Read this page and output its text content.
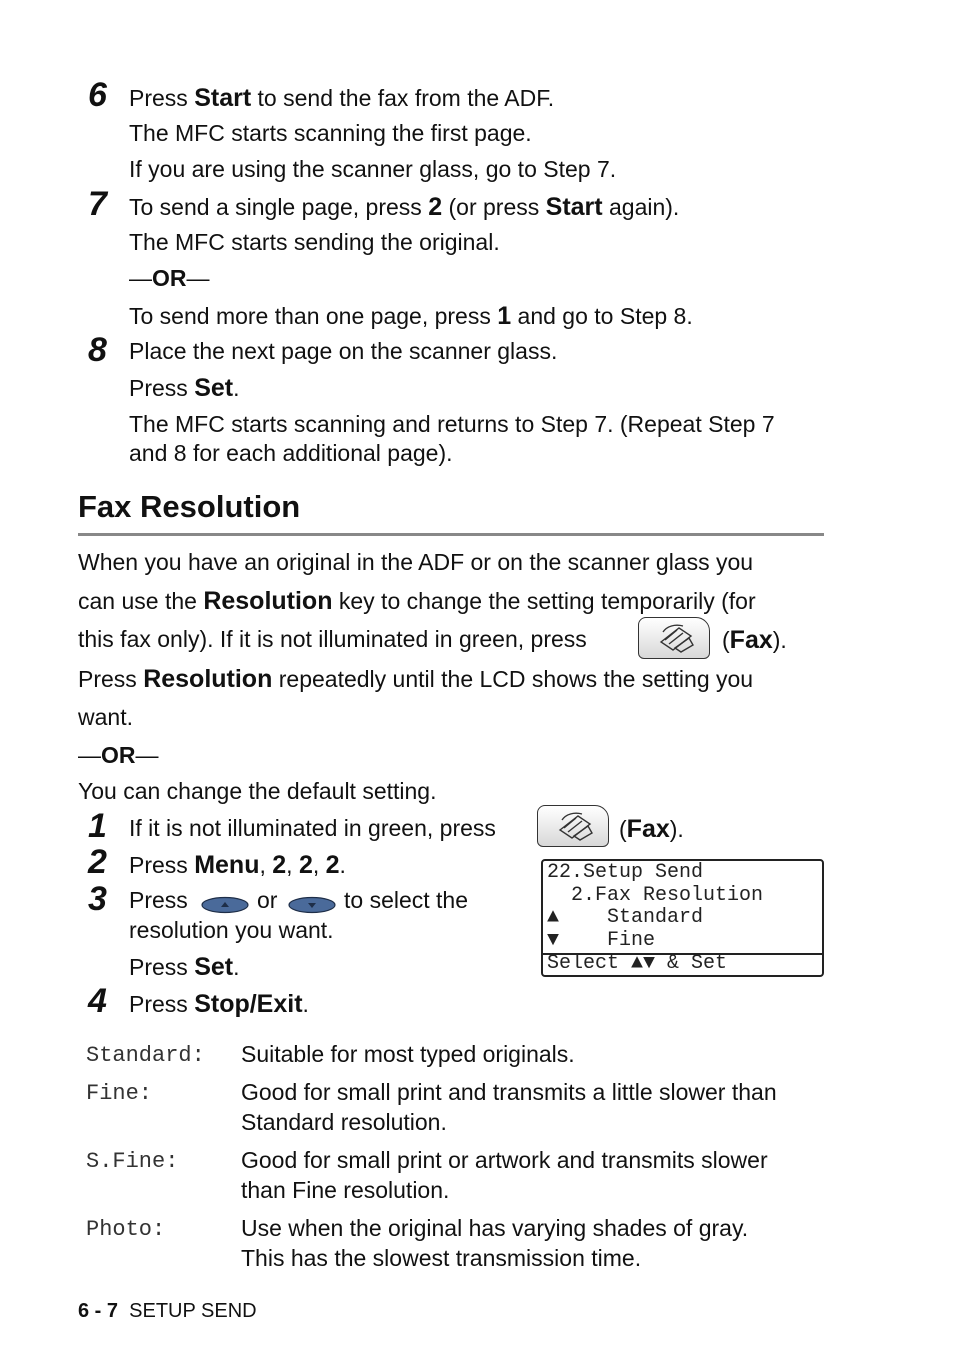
6 Press Start to send the fax from the ADF.
The MFC starts scanning the first page.
If you are using the scanner glass, go to Step 7.
7 To send a single page, press 2 (or press Start again).
The MFC starts sending the original.
—OR—
To send more than one page, press 1 and go to Step 8.
8 Place the next page on the scanner glass.
Press Set.
The MFC starts scanning and returns to Step 7. (Repeat Step 7
and 8 for each additional page).
Fax Resolution
When you have an original in the ADF or on the scanner glass you
can use the Resolution key to change the setting temporarily (for
this fax only). If it is not illuminated in green, press	(Fax).
Press Resolution repeatedly until the LCD shows the setting you
want.
—OR—
You can change the default setting.
1 If it is not illuminated in green, press	(Fax).
2 Press Menu, 2, 2, 2.
3 Press	or	to select the
resolution you want.
Press Set.
4 Press Stop/Exit.
22.Setup Send
2.Fax Resolution
▲    Standard
▼    Fine
Select ▲▼ & Set
Standard: Suitable for most typed originals.
Fine:	Good for small print and transmits a little slower than
Standard resolution.
S.Fine:	Good for small print or artwork and transmits slower
than Fine resolution.
Photo:	Use when the original has varying shades of gray.
This has the slowest transmission time.
6 - 7 SETUP SEND
